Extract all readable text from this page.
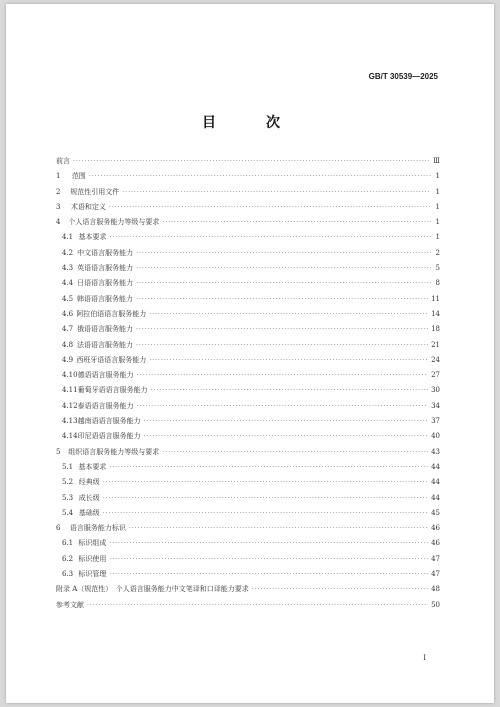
GB/T 30539—2025
目　次
前言 ·····	Ⅲ
1	范围 ·····	1
2	规范性引用文件 ·····	1
3	术语和定义 ·····	1
4	个人语言服务能力等级与要求 ·····	1
4.1 基本要求 ·····	1
4.2 中文语言服务能力 ·····	2
4.3 英语语言服务能力 ·····	5
4.4 日语语言服务能力 ·····	8
4.5 韩语语言服务能力 ·····	11
4.6 阿拉伯语语言服务能力 ·····	14
4.7 俄语语言服务能力 ·····	18
4.8 法语语言服务能力 ·····	21
4.9 西班牙语语言服务能力 ·····	24
4.10 德语语言服务能力 ·····	27
4.11 葡萄牙语语言服务能力 ·····	30
4.12 泰语语言服务能力 ·····	34
4.13 越南语语言服务能力 ·····	37
4.14 印尼语语言服务能力 ·····	40
5	组织语言服务能力等级与要求 ·····	43
5.1 基本要求 ·····	44
5.2 经典级 ·····	44
5.3 成长级 ·····	44
5.4 基础级 ·····	45
6	语言服务能力标识 ·····	46
6.1 标识组成 ·····	46
6.2 标识使用 ·····	47
6.3 标识管理 ·····	47
附录 A（规范性）　个人语言服务能力中文笔译和口译能力要求 ·····	48
参考文献 ·····	50
I
